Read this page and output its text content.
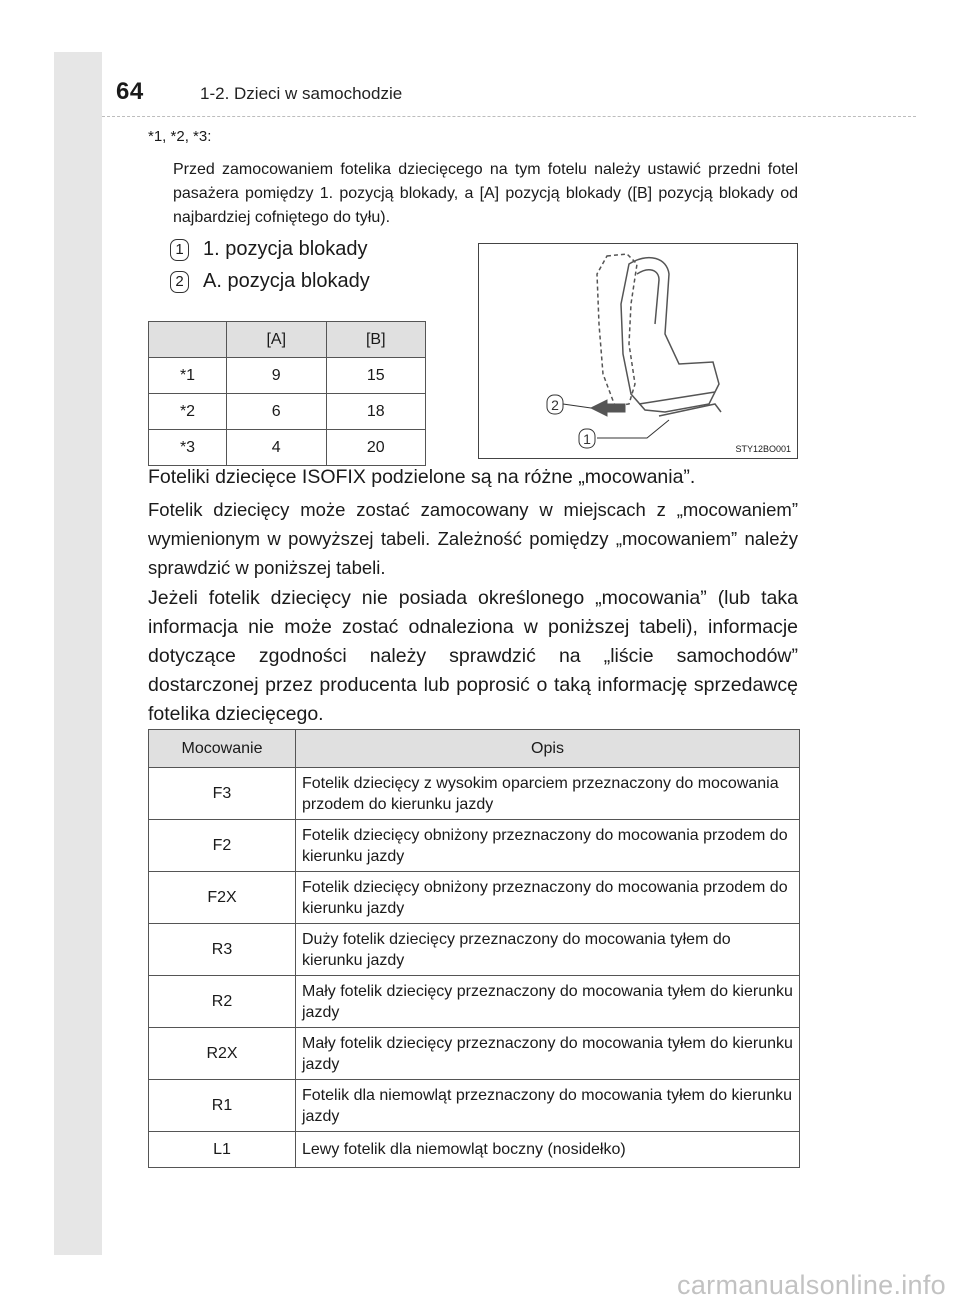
64	1-2. Dzieci w samochodzie
*1, *2, *3:
Przed zamocowaniem fotelika dziecięcego na tym fotelu należy ustawić przedni fotel pasażera pomiędzy 1. pozycją blokady, a [A] pozycją blokady ([B] pozycją blokady od najbardziej cofniętego do tyłu).
1 1. pozycja blokady
2 A. pozycja blokady
	[A]	[B]
*1	9	15
*2	6	18
*3	4	20
2
1
STY12BO001
Foteliki dziecięce ISOFIX podzielone są na różne „mocowania”.
Fotelik dziecięcy może zostać zamocowany w miejscach z „mocowaniem” wymienionym w powyższej tabeli. Zależność pomiędzy „mocowaniem” należy sprawdzić w poniższej tabeli.
Jeżeli fotelik dziecięcy nie posiada określonego „mocowania” (lub taka informacja nie może zostać odnaleziona w poniższej tabeli), informacje dotyczące zgodności należy sprawdzić na „liście samochodów” dostarczonej przez producenta lub poprosić o taką informację sprzedawcę fotelika dziecięcego.
Mocowanie	Opis
F3	Fotelik dziecięcy z wysokim oparciem przeznaczony do mocowania przodem do kierunku jazdy
F2	Fotelik dziecięcy obniżony przeznaczony do mocowania przodem do kierunku jazdy
F2X	Fotelik dziecięcy obniżony przeznaczony do mocowania przodem do kierunku jazdy
R3	Duży fotelik dziecięcy przeznaczony do mocowania tyłem do kierunku jazdy
R2	Mały fotelik dziecięcy przeznaczony do mocowania tyłem do kierunku jazdy
R2X	Mały fotelik dziecięcy przeznaczony do mocowania tyłem do kierunku jazdy
R1	Fotelik dla niemowląt przeznaczony do mocowania tyłem do kierunku jazdy
L1	Lewy fotelik dla niemowląt boczny (nosidełko)
carmanualsonline.info
